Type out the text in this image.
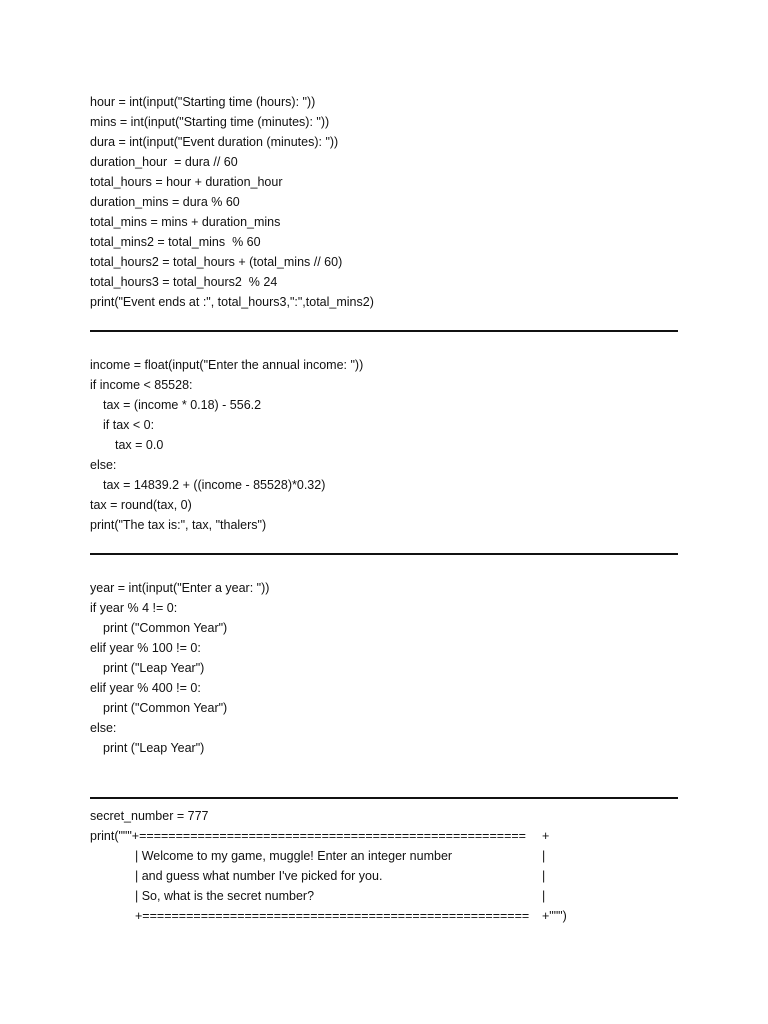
hour = int(input("Starting time (hours): "))
mins = int(input("Starting time (minutes): "))
dura = int(input("Event duration (minutes): "))
duration_hour  = dura // 60
total_hours = hour + duration_hour
duration_mins = dura % 60
total_mins = mins + duration_mins
total_mins2 = total_mins  % 60
total_hours2 = total_hours + (total_mins // 60)
total_hours3 = total_hours2  % 24
print("Event ends at :", total_hours3,":",total_mins2)
income = float(input("Enter the annual income: "))
if income < 85528:
tax = (income * 0.18) - 556.2
if tax < 0:
tax = 0.0
else:
tax = 14839.2 + ((income - 85528)*0.32)
tax = round(tax, 0)
print("The tax is:", tax, "thalers")
year = int(input("Enter a year: "))
if year % 4 != 0:
print ("Common Year")
elif year % 100 != 0:
print ("Leap Year")
elif year % 400 != 0:
print ("Common Year")
else:
print ("Leap Year")
secret_number = 777

print("""+=====================================================

+

| Welcome to my game, muggle! Enter an integer number

	|

| and guess what number I've picked for you.

	|

| So, what is the secret number?

	|

+=====================================================

+""")
